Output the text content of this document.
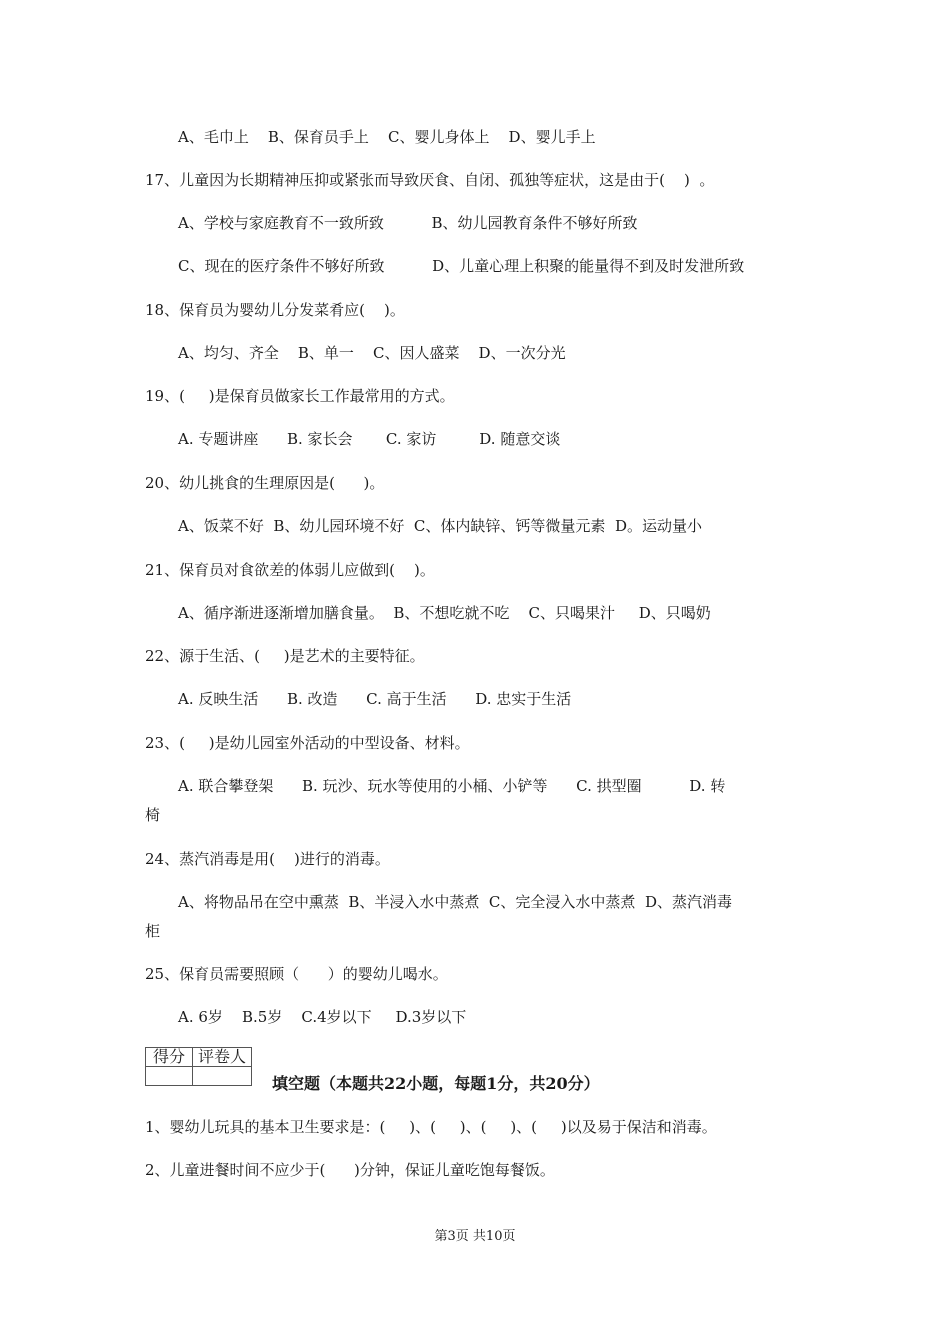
A、毛巾上    B、保育员手上    C、婴儿身体上    D、婴儿手上
17、儿童因为长期精神压抑或紧张而导致厌食、自闭、孤独等症状，这是由于(    )  。
A、学校与家庭教育不一致所致          B、幼儿园教育条件不够好所致
C、现在的医疗条件不够好所致          D、儿童心理上积聚的能量得不到及时发泄所致
18、保育员为婴幼儿分发菜肴应(    )。
A、均匀、齐全    B、单一    C、因人盛菜    D、一次分光
19、(     )是保育员做家长工作最常用的方式。
A. 专题讲座      B. 家长会       C. 家访         D. 随意交谈
20、幼儿挑食的生理原因是(      )。
A、饭菜不好  B、幼儿园环境不好  C、体内缺锌、钙等微量元素  D。运动量小
21、保育员对食欲差的体弱儿应做到(    )。
A、循序渐进逐渐增加膳食量。  B、不想吃就不吃    C、只喝果汁     D、只喝奶
22、源于生活、(     )是艺术的主要特征。
A. 反映生活      B. 改造      C. 高于生活      D. 忠实于生活
23、(     )是幼儿园室外活动的中型设备、材料。
A. 联合攀登架      B. 玩沙、玩水等使用的小桶、小铲等      C. 拱型圈          D. 转
椅
24、蒸汽消毒是用(    )进行的消毒。
A、将物品吊在空中熏蒸  B、半浸入水中蒸煮  C、完全浸入水中蒸煮  D、蒸汽消毒
柜
25、保育员需要照顾（      ）的婴幼儿喝水。
A. 6岁    B.5岁    C.4岁以下     D.3岁以下
1、婴幼儿玩具的基本卫生要求是：(     )、(     )、(     )、(     )以及易于保洁和消毒。
2、儿童进餐时间不应少于(      )分钟，保证儿童吃饱每餐饭。
得分	评卷人

填空题（本题共22小题，每题1分，共20分）
第3页 共10页
